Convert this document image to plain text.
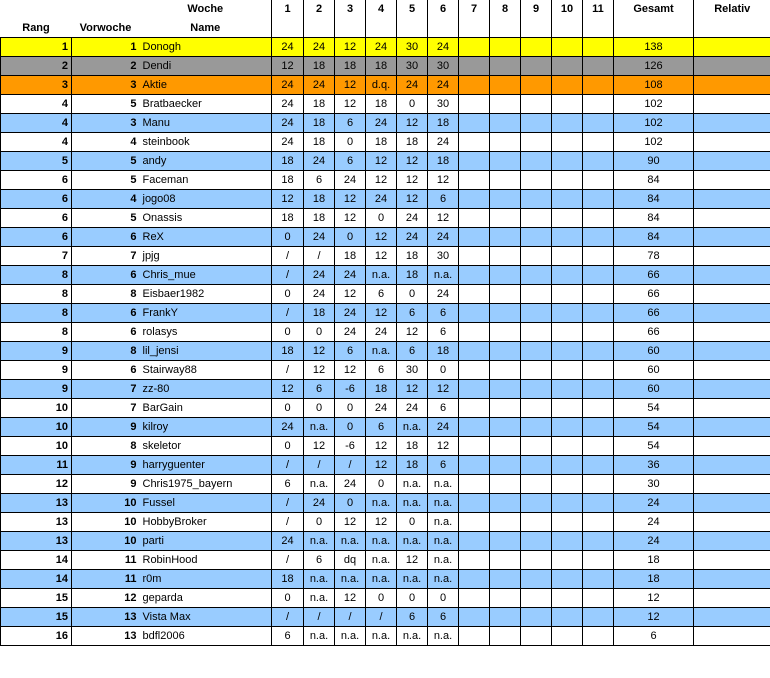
		Woche	1	2	3	4	5	6	7	8	9	10	11	Gesamt	Relativ
Rang	Vorwoche	Name													
1	1	Donogh	24	24	12	24	30	24						138	
2	2	Dendi	12	18	18	18	30	30						126	
3	3	Aktie	24	24	12	d.q.	24	24						108	
4	5	Bratbaecker	24	18	12	18	0	30						102	
4	3	Manu	24	18	6	24	12	18						102	
4	4	steinbook	24	18	0	18	18	24						102	
5	5	andy	18	24	6	12	12	18						90	
6	5	Faceman	18	6	24	12	12	12						84	
6	4	jogo08	12	18	12	24	12	6						84	
6	5	Onassis	18	18	12	0	24	12						84	
6	6	ReX	0	24	0	12	24	24						84	
7	7	jpjg	/	/	18	12	18	30						78	
8	6	Chris_mue	/	24	24	n.a.	18	n.a.						66	
8	8	Eisbaer1982	0	24	12	6	0	24						66	
8	6	FrankY	/	18	24	12	6	6						66	
8	6	rolasys	0	0	24	24	12	6						66	
9	8	lil_jensi	18	12	6	n.a.	6	18						60	
9	6	Stairway88	/	12	12	6	30	0						60	
9	7	zz-80	12	6	-6	18	12	12						60	
10	7	BarGain	0	0	0	24	24	6						54	
10	9	kilroy	24	n.a.	0	6	n.a.	24						54	
10	8	skeletor	0	12	-6	12	18	12						54	
11	9	harryguenter	/	/	/	12	18	6						36	
12	9	Chris1975_bayern	6	n.a.	24	0	n.a.	n.a.						30	
13	10	Fussel	/	24	0	n.a.	n.a.	n.a.						24	
13	10	HobbyBroker	/	0	12	12	0	n.a.						24	
13	10	parti	24	n.a.	n.a.	n.a.	n.a.	n.a.						24	
14	11	RobinHood	/	6	dq	n.a.	12	n.a.						18	
14	11	r0m	18	n.a.	n.a.	n.a.	n.a.	n.a.						18	
15	12	geparda	0	n.a.	12	0	0	0						12	
15	13	Vista Max	/	/	/	/	6	6						12	
16	13	bdfl2006	6	n.a.	n.a.	n.a.	n.a.	n.a.						6	
